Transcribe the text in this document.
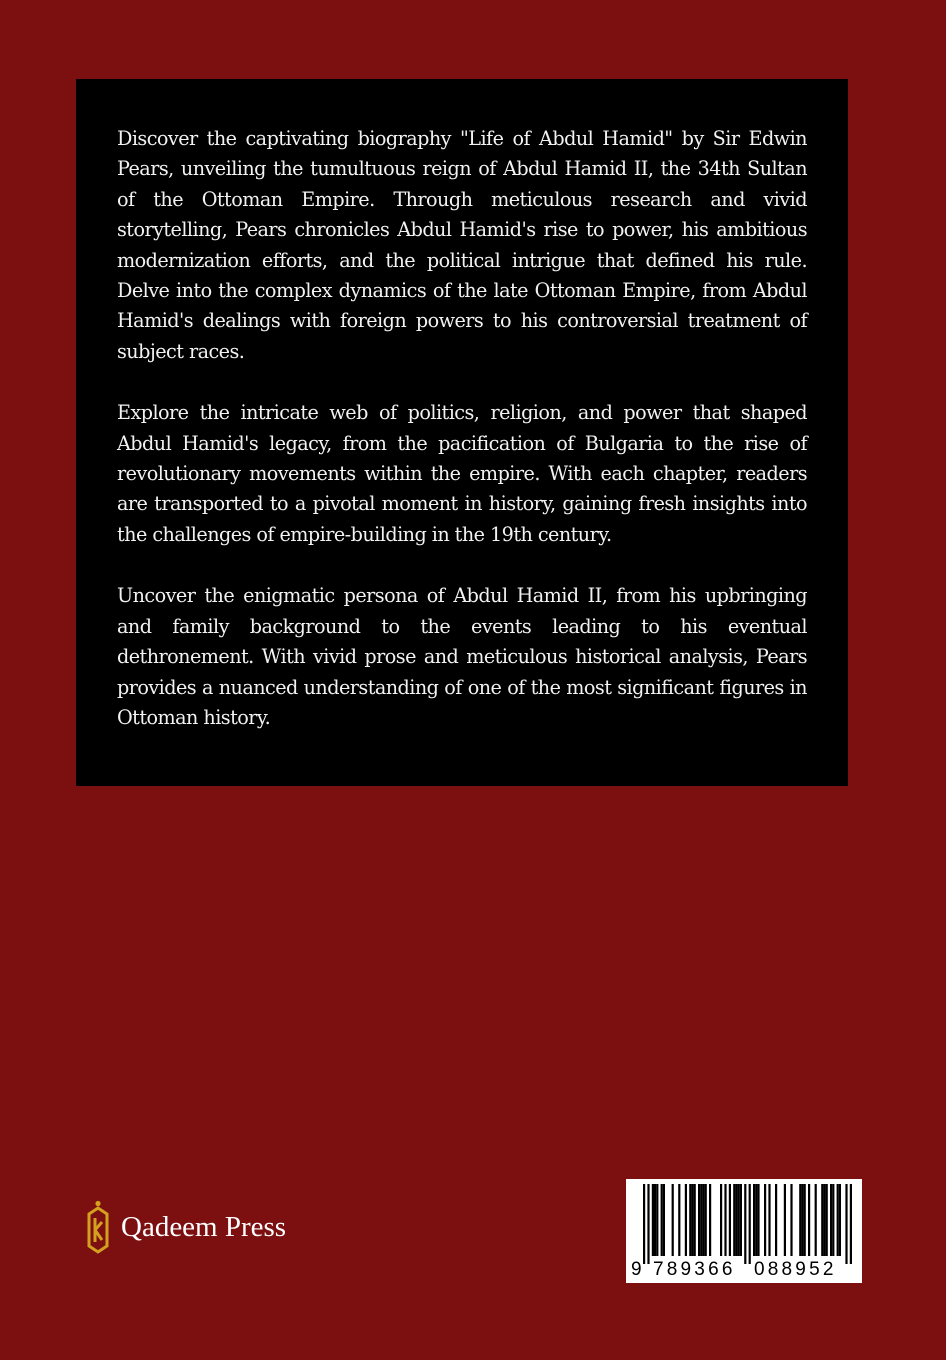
Discover the captivating biography "Life of Abdul Hamid" by Sir Edwin Pears, unveiling the tumultuous reign of Abdul Hamid II, the 34th Sultan of the Ottoman Empire. Through meticulous research and vivid storytelling, Pears chronicles Abdul Hamid's rise to power, his ambitious modernization efforts, and the political intrigue that defined his rule. Delve into the complex dynamics of the late Ottoman Empire, from Abdul Hamid's dealings with foreign powers to his controversial treatment of subject races.

Explore the intricate web of politics, religion, and power that shaped Abdul Hamid's legacy, from the pacification of Bulgaria to the rise of revolutionary movements within the empire. With each chapter, readers are transported to a pivotal moment in history, gaining fresh insights into the challenges of empire-building in the 19th century.

Uncover the enigmatic persona of Abdul Hamid II, from his upbringing and family background to the events leading to his eventual dethronement. With vivid prose and meticulous historical analysis, Pears provides a nuanced understanding of one of the most significant figures in Ottoman history.

Qadeem Press
9 789366 088952
